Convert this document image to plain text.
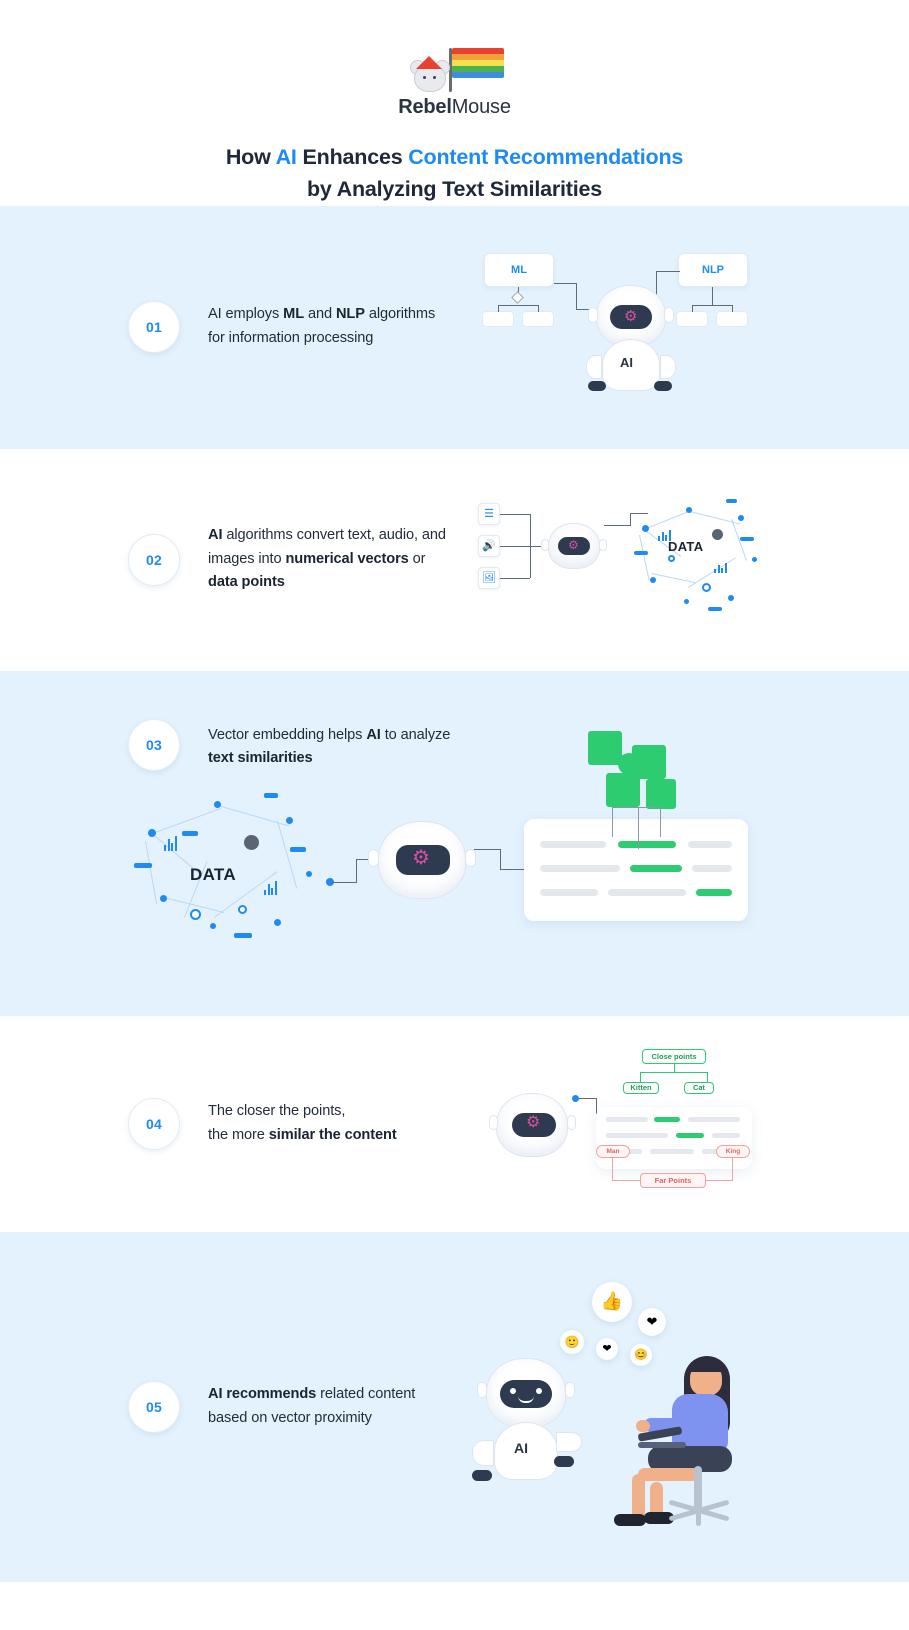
RebelMouse
How AI Enhances Content Recommendations
by Analyzing Text Similarities
01
AI employs ML and NLP algorithms for information processing
ML	NLP
⚙
AI
02
AI algorithms convert text, audio, and images into numerical vectors or data points
☰
🔊
🖼
⚙	DATA
03
Vector embedding helps AI to analyze text similarities
DATA
⚙
04
The closer the points,
the more similar the content
⚙
Close points
Kitten	Cat
Man	King
Far Points
05
AI recommends related content based on vector proximity
👍
❤
🙂
❤ 😊
AI
